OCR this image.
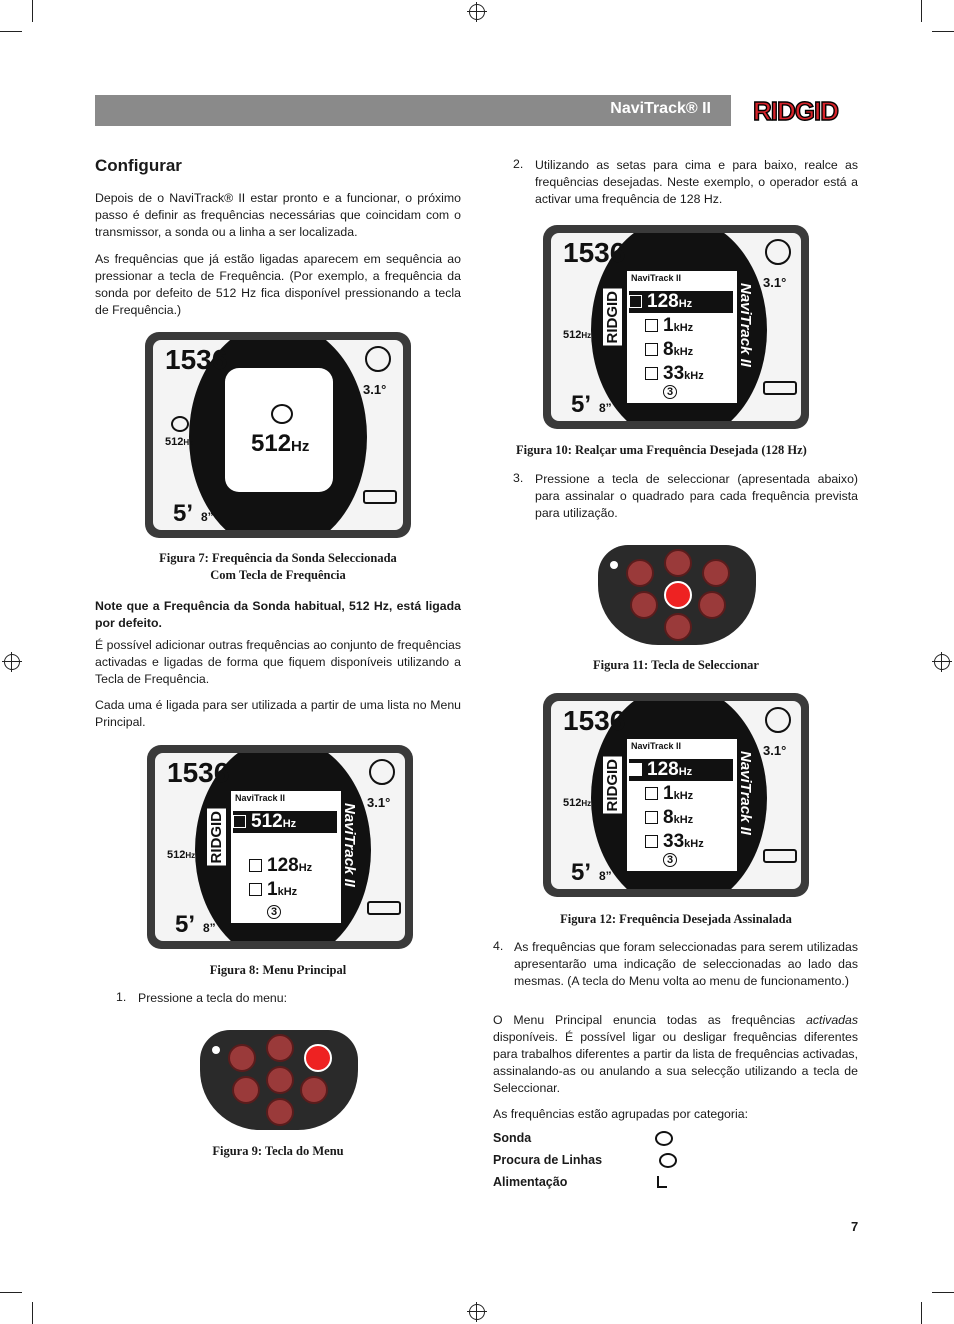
NaviTrack® II RIDGID
Configurar

Depois de o NaviTrack® II estar pronto e a funcionar, o próximo passo é definir as frequências necessárias que coincidam com o transmissor, a sonda ou a linha a ser localizada.

As frequências que já estão ligadas aparecem em sequência ao pressionar a tecla de Frequência. (Por exemplo, a frequência da sonda por defeito de 512 Hz fica disponível pressionando a tecla de Frequência.)

1536
3.1°
512Hz
512Hz
5’ 8”
Figura 7: Frequência da Sonda Seleccionada
Com Tecla de Frequência

Note que a Frequência da Sonda habitual, 512 Hz, está ligada por defeito.

É possível adicionar outras frequências ao conjunto de frequências activadas e ligadas de forma que fiquem disponíveis utilizando a Tecla de Frequência.

Cada uma é ligada para ser utilizada a partir de uma lista no Menu Principal.

1536
3.1°
512Hz RIDGID
NaviTrack II
512Hz
128Hz
1kHz
3
NaviTrack II
5’ 8”
Figura 8: Menu Principal
1. Pressione a tecla do menu:

Figura 9: Tecla do Menu
2. Utilizando as setas para cima e para baixo, realce as frequências desejadas. Neste exemplo, o operador está a activar uma frequência de 128 Hz.

1536
3.1°
512Hz RIDGID
NaviTrack II
128Hz
1kHz
8kHz
33kHz
3
NaviTrack II
5’ 8”
Figura 10: Realçar uma Frequência Desejada (128 Hz)
3. Pressione a tecla de seleccionar (apresentada abaixo) para assinalar o quadrado para cada frequência prevista para utilização.

Figura 11: Tecla de Seleccionar
1536
3.1°
512Hz RIDGID
NaviTrack II
128Hz
1kHz
8kHz
33kHz
3
NaviTrack II
5’ 8”
Figura 12: Frequência Desejada Assinalada
4. As frequências que foram seleccionadas para serem utilizadas apresentarão uma indicação de seleccionadas ao lado das mesmas. (A tecla do Menu volta ao menu de funcionamento.)

O Menu Principal enuncia todas as frequências activadas disponíveis. É possível ligar ou desligar frequências diferentes para trabalhos diferentes a partir da lista de frequências activadas, assinalando-as ou anulando a sua selecção utilizando a tecla de Seleccionar.

As frequências estão agrupadas por categoria:

Sonda
Procura de Linhas
Alimentação
7
